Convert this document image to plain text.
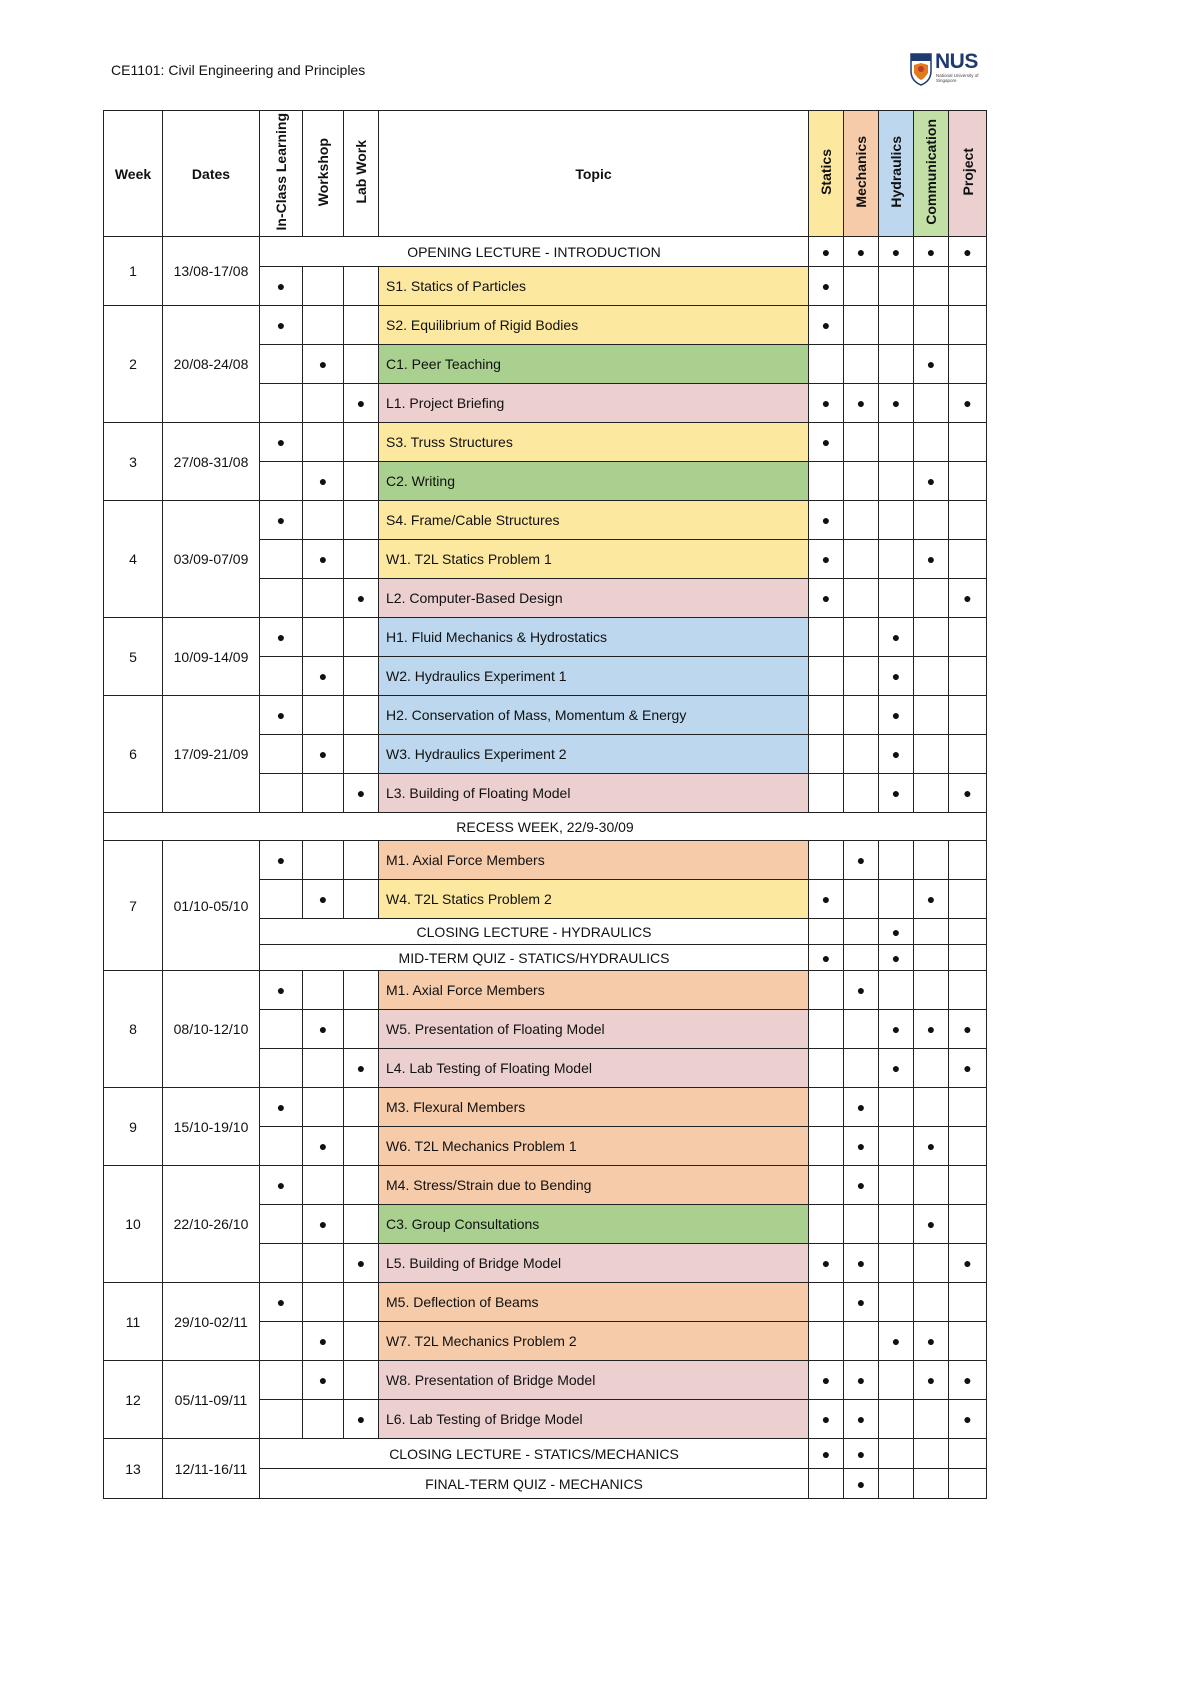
CE1101: Civil Engineering and Principles	NUS
National University of Singapore
Week	Dates	In-Class Learning	Workshop	Lab Work	Topic	Statics	Mechanics	Hydraulics	Communication	Project
1	13/08-17/08	OPENING LECTURE - INTRODUCTION				●	●	●	●	●
		●			S1. Statics of Particles	●				
2	20/08-24/08	●			S2. Equilibrium of Rigid Bodies	●				
			●		C1. Peer Teaching				●	
				●	L1. Project Briefing	●	●	●		●
3	27/08-31/08	●			S3. Truss Structures	●				
			●		C2. Writing				●	
4	03/09-07/09	●			S4. Frame/Cable Structures	●				
			●		W1. T2L Statics Problem 1	●			●	
				●	L2. Computer-Based Design	●				●
5	10/09-14/09	●			H1. Fluid Mechanics & Hydrostatics			●		
			●		W2. Hydraulics Experiment 1			●		
6	17/09-21/09	●			H2. Conservation of Mass, Momentum & Energy			●		
			●		W3. Hydraulics Experiment 2			●		
				●	L3. Building of Floating Model			●		●
RECESS WEEK, 22/9-30/09										
7	01/10-05/10	●			M1. Axial Force Members		●			
			●		W4. T2L Statics Problem 2	●			●	
		CLOSING LECTURE - HYDRAULICS						●		
		MID-TERM QUIZ - STATICS/HYDRAULICS				●		●		
8	08/10-12/10	●			M1. Axial Force Members		●			
			●		W5. Presentation of Floating Model			●	●	●
				●	L4. Lab Testing of Floating Model			●		●
9	15/10-19/10	●			M3. Flexural Members		●			
			●		W6. T2L Mechanics Problem 1		●		●	
10	22/10-26/10	●			M4. Stress/Strain due to Bending		●			
			●		C3. Group Consultations				●	
				●	L5. Building of Bridge Model	●	●			●
11	29/10-02/11	●			M5. Deflection of Beams		●			
			●		W7. T2L Mechanics Problem 2			●	●	
12	05/11-09/11		●		W8. Presentation of Bridge Model	●	●		●	●
				●	L6. Lab Testing of Bridge Model	●	●			●
13	12/11-16/11	CLOSING LECTURE - STATICS/MECHANICS				●	●			
		FINAL-TERM QUIZ - MECHANICS					●			
